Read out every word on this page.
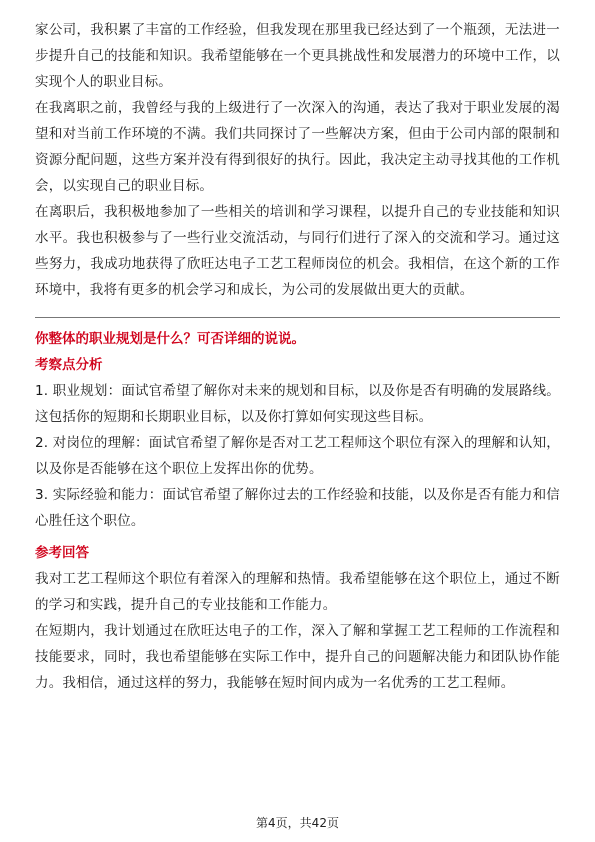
家公司，我积累了丰富的工作经验，但我发现在那里我已经达到了一个瓶颈，无法进一步提升自己的技能和知识。我希望能够在一个更具挑战性和发展潜力的环境中工作，以实现个人的职业目标。

在我离职之前，我曾经与我的上级进行了一次深入的沟通，表达了我对于职业发展的渴望和对当前工作环境的不满。我们共同探讨了一些解决方案，但由于公司内部的限制和资源分配问题，这些方案并没有得到很好的执行。因此，我决定主动寻找其他的工作机会，以实现自己的职业目标。

在离职后，我积极地参加了一些相关的培训和学习课程，以提升自己的专业技能和知识水平。我也积极参与了一些行业交流活动，与同行们进行了深入的交流和学习。通过这些努力，我成功地获得了欣旺达电子工艺工程师岗位的机会。我相信，在这个新的工作环境中，我将有更多的机会学习和成长，为公司的发展做出更大的贡献。

你整体的职业规划是什么？可否详细的说说。
考察点分析

1. 职业规划：面试官希望了解你对未来的规划和目标，以及你是否有明确的发展路线。这包括你的短期和长期职业目标，以及你打算如何实现这些目标。

2. 对岗位的理解：面试官希望了解你是否对工艺工程师这个职位有深入的理解和认知，以及你是否能够在这个职位上发挥出你的优势。

3. 实际经验和能力：面试官希望了解你过去的工作经验和技能，以及你是否有能力和信心胜任这个职位。

参考回答

我对工艺工程师这个职位有着深入的理解和热情。我希望能够在这个职位上，通过不断的学习和实践，提升自己的专业技能和工作能力。

在短期内，我计划通过在欣旺达电子的工作，深入了解和掌握工艺工程师的工作流程和技能要求，同时，我也希望能够在实际工作中，提升自己的问题解决能力和团队协作能力。我相信，通过这样的努力，我能够在短时间内成为一名优秀的工艺工程师。

第4页，共42页
